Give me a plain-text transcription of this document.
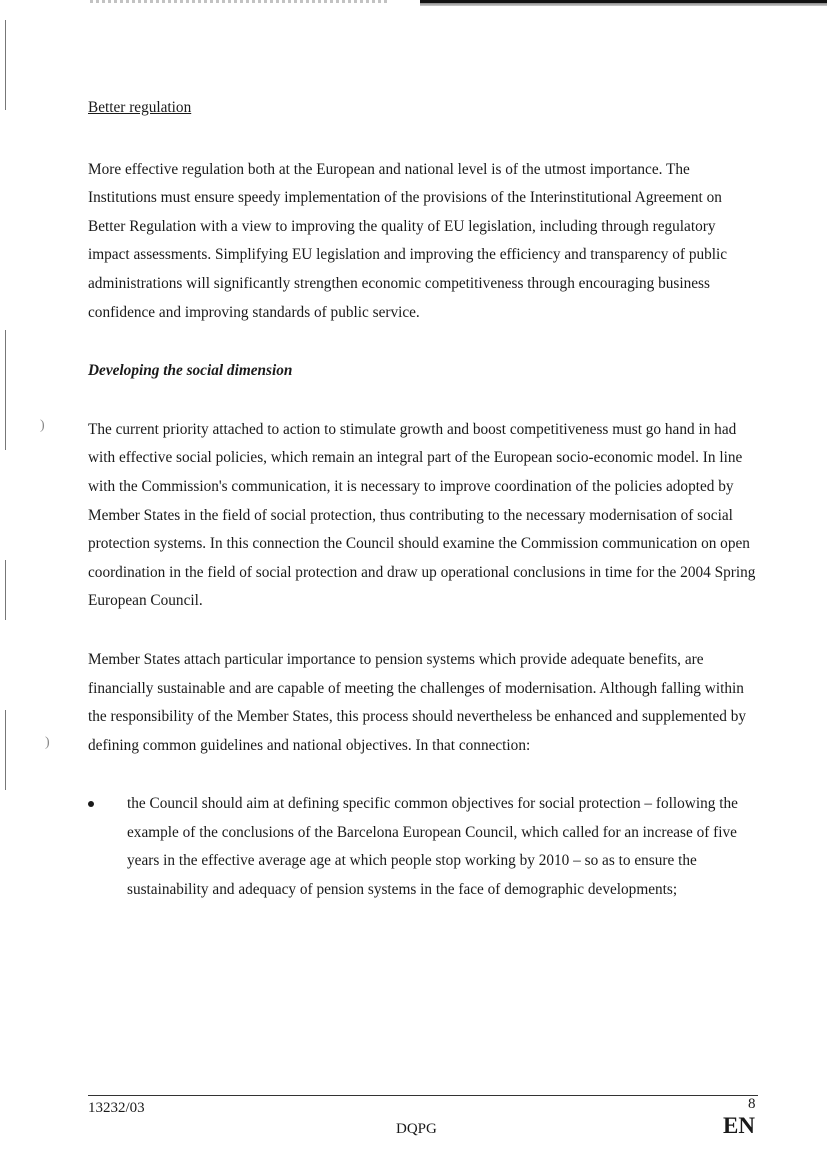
)
)

Better regulation

More effective regulation both at the European and national level is of the utmost importance. The Institutions must ensure speedy implementation of the provisions of the Interinstitutional Agreement on Better Regulation with a view to improving the quality of EU legislation, including through regulatory impact assessments. Simplifying EU legislation and improving the efficiency and transparency of public administrations will significantly strengthen economic competitiveness through encouraging business confidence and improving standards of public service.

Developing the social dimension

The current priority attached to action to stimulate growth and boost competitiveness must go hand in had with effective social policies, which remain an integral part of the European socio-economic model. In line with the Commission's communication, it is necessary to improve coordination of the policies adopted by Member States in the field of social protection, thus contributing to the necessary modernisation of social protection systems. In this connection the Council should examine the Commission communication on open coordination in the field of social protection and draw up operational conclusions in time for the 2004 Spring European Council.

Member States attach particular importance to pension systems which provide adequate benefits, are financially sustainable and are capable of meeting the challenges of modernisation. Although falling within the responsibility of the Member States, this process should nevertheless be enhanced and supplemented by defining common guidelines and national objectives. In that connection:

the Council should aim at defining specific common objectives for social protection – following the example of the conclusions of the Barcelona European Council, which called for an increase of five years in the effective average age at which people stop working by 2010 – so as to ensure the sustainability and adequacy of pension systems in the face of demographic developments;
13232/03
DQPG
8
EN
